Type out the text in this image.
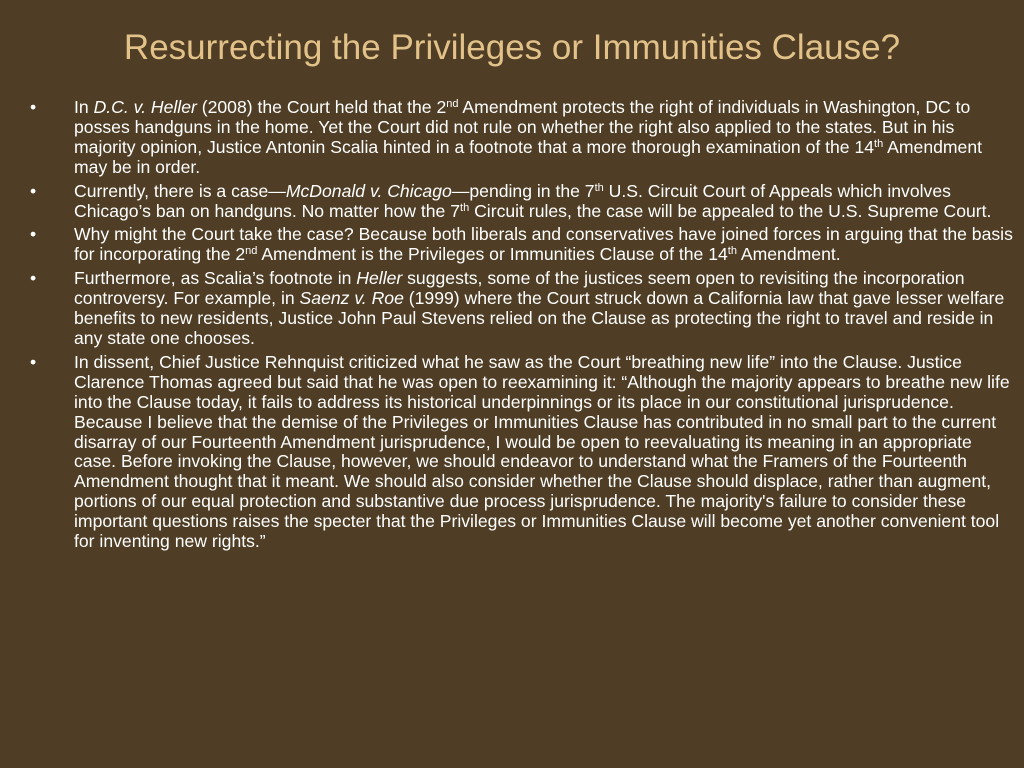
Resurrecting the Privileges or Immunities Clause?
• In D.C. v. Heller (2008) the Court held that the 2nd Amendment protects the right of individuals in Washington, DC to posses handguns in the home. Yet the Court did not rule on whether the right also applied to the states. But in his majority opinion, Justice Antonin Scalia hinted in a footnote that a more thorough examination of the 14th Amendment may be in order.
• Currently, there is a case—McDonald v. Chicago—pending in the 7th U.S. Circuit Court of Appeals which involves Chicago’s ban on handguns. No matter how the 7th Circuit rules, the case will be appealed to the U.S. Supreme Court.
• Why might the Court take the case? Because both liberals and conservatives have joined forces in arguing that the basis for incorporating the 2nd Amendment is the Privileges or Immunities Clause of the 14th Amendment.
• Furthermore, as Scalia’s footnote in Heller suggests, some of the justices seem open to revisiting the incorporation controversy. For example, in Saenz v. Roe (1999) where the Court struck down a California law that gave lesser welfare benefits to new residents, Justice John Paul Stevens relied on the Clause as protecting the right to travel and reside in any state one chooses.
• In dissent, Chief Justice Rehnquist criticized what he saw as the Court “breathing new life” into the Clause. Justice Clarence Thomas agreed but said that he was open to reexamining it: “Although the majority appears to breathe new life into the Clause today, it fails to address its historical underpinnings or its place in our constitutional jurisprudence. Because I believe that the demise of the Privileges or Immunities Clause has contributed in no small part to the current disarray of our Fourteenth Amendment jurisprudence, I would be open to reevaluating its meaning in an appropriate case. Before invoking the Clause, however, we should endeavor to understand what the Framers of the Fourteenth Amendment thought that it meant. We should also consider whether the Clause should displace, rather than augment, portions of our equal protection and substantive due process jurisprudence. The majority's failure to consider these important questions raises the specter that the Privileges or Immunities Clause will become yet another convenient tool for inventing new rights.”
